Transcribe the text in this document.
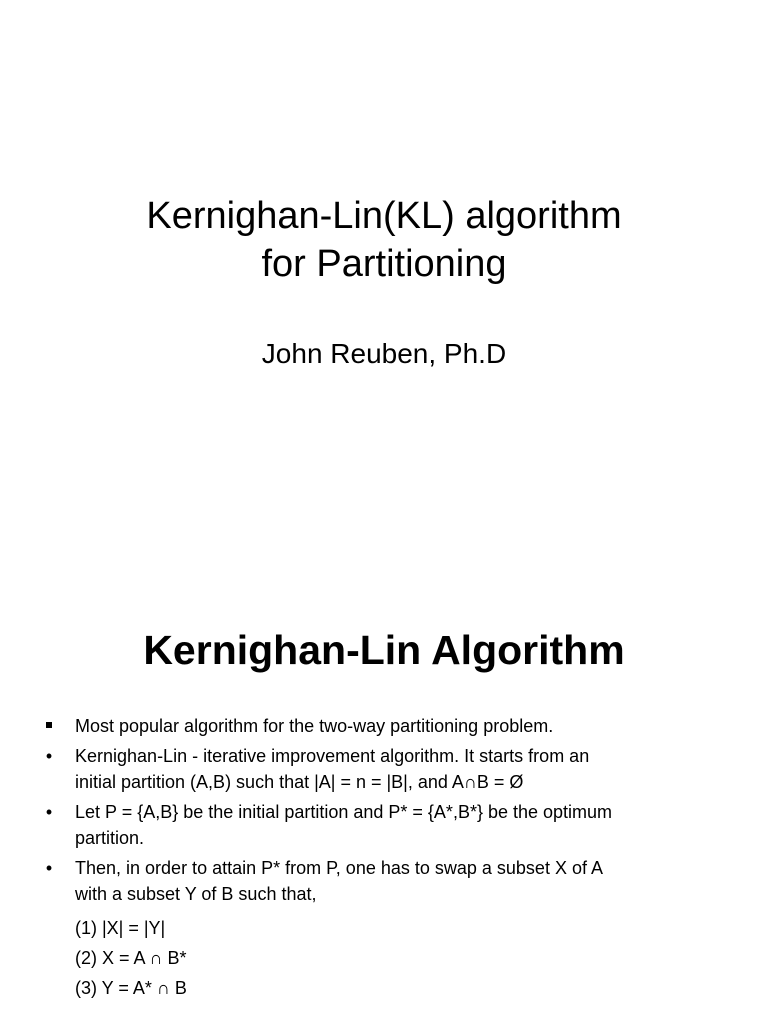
Kernighan-Lin(KL) algorithm
for Partitioning
John Reuben, Ph.D
Kernighan-Lin Algorithm
Most popular algorithm for the two-way partitioning problem.
• Kernighan-Lin - iterative improvement algorithm. It starts from an
initial partition (A,B) such that |A| = n = |B|, and A∩B = Ø
• Let P = {A,B} be the initial partition and P* = {A*,B*} be the optimum
partition.
• Then, in order to attain P* from P, one has to swap a subset X of A
with a subset Y of B such that,
(1) |X| = |Y|
(2) X = A ∩ B*
(3) Y = A* ∩ B
